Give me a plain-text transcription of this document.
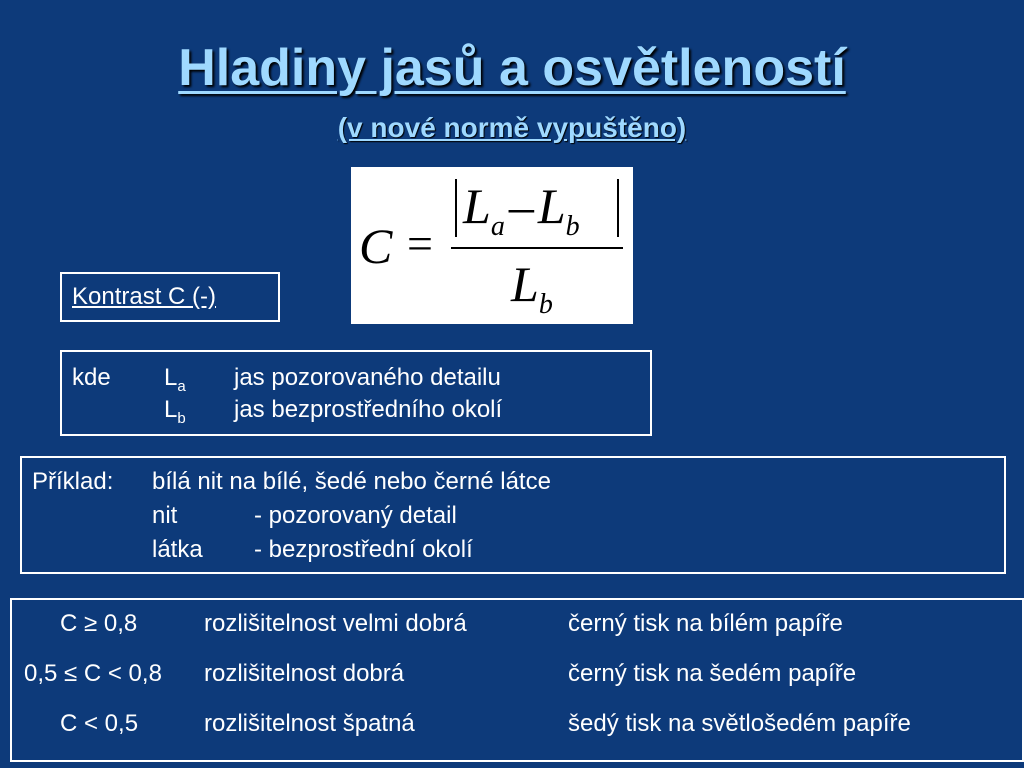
Hladiny jasů a osvětleností
(v nové normě vypuštěno)
C =
$L_a-L_b$
$L_b$
Kontrast C (-)
kde $L_a$ jas pozorovaného detailu
$L_b$ jas bezprostředního okolí
Příklad: bílá nit na bílé, šedé nebo černé látce
nit	- pozorovaný detail
látka - bezprostřední okolí
C ≥ 0,8	rozlišitelnost velmi dobrá	černý tisk na bílém papíře
0,5 ≤ C < 0,8 rozlišitelnost dobrá	černý tisk na šedém papíře
C < 0,5	rozlišitelnost špatná	šedý tisk na světlošedém papíře
